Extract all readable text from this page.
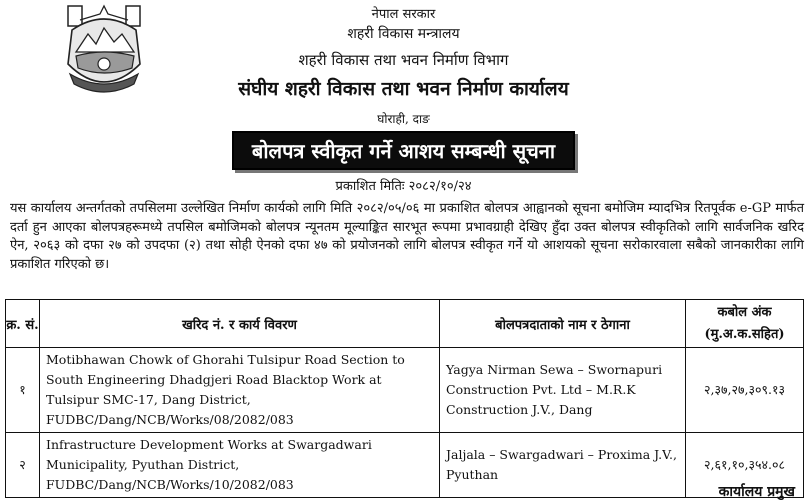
नेपाल सरकार
शहरी विकास मन्त्रालय
शहरी विकास तथा भवन निर्माण विभाग
संघीय शहरी विकास तथा भवन निर्माण कार्यालय
घोराही, दाङ
बोलपत्र स्वीकृत गर्ने आशय सम्बन्धी सूचना
प्रकाशित मितिः २०८२/१०/२४

यस कार्यालय अन्तर्गतको तपसिलमा उल्लेखित निर्माण कार्यको लागि मिति २०८२/०५/०६ मा प्रकाशित बोलपत्र आह्वानको सूचना बमोजिम म्यादभित्र रितपूर्वक e-GP मार्फत दर्ता हुन आएका बोलपत्रहरूमध्ये तपसिल बमोजिमको बोलपत्र न्यूनतम मूल्याङ्कित सारभूत रूपमा प्रभावग्राही देखिए हुँदा उक्त बोलपत्र स्वीकृतिको लागि सार्वजनिक खरिद ऐन, २०६३ को दफा २७ को उपदफा (२) तथा सोही ऐनको दफा ४७ को प्रयोजनको लागि बोलपत्र स्वीकृत गर्ने यो आशयको सूचना सरोकारवाला सबैको जानकारीका लागि प्रकाशित गरिएको छ।

क्र. सं.	खरिद नं. र कार्य विवरण	बोलपत्रदाताको नाम र ठेगाना	कबोल अंक
(मु.अ.क.सहित)

१	Motibhawan Chowk of Ghorahi Tulsipur Road Section to South Engineering Dhadgjeri Road Blacktop Work at Tulsipur SMC-17, Dang District, FUDBC/Dang/NCB/Works/08/2082/083	Yagya Nirman Sewa – Swornapuri Construction Pvt. Ltd – M.R.K Construction J.V., Dang	२,३७,२७,३०९.१३
२	Infrastructure Development Works at Swargadwari Municipality, Pyuthan District, FUDBC/Dang/NCB/Works/10/2082/083	Jaljala – Swargadwari – Proxima J.V., Pyuthan	२,६१,१०,३५४.०८
कार्यालय प्रमुख
